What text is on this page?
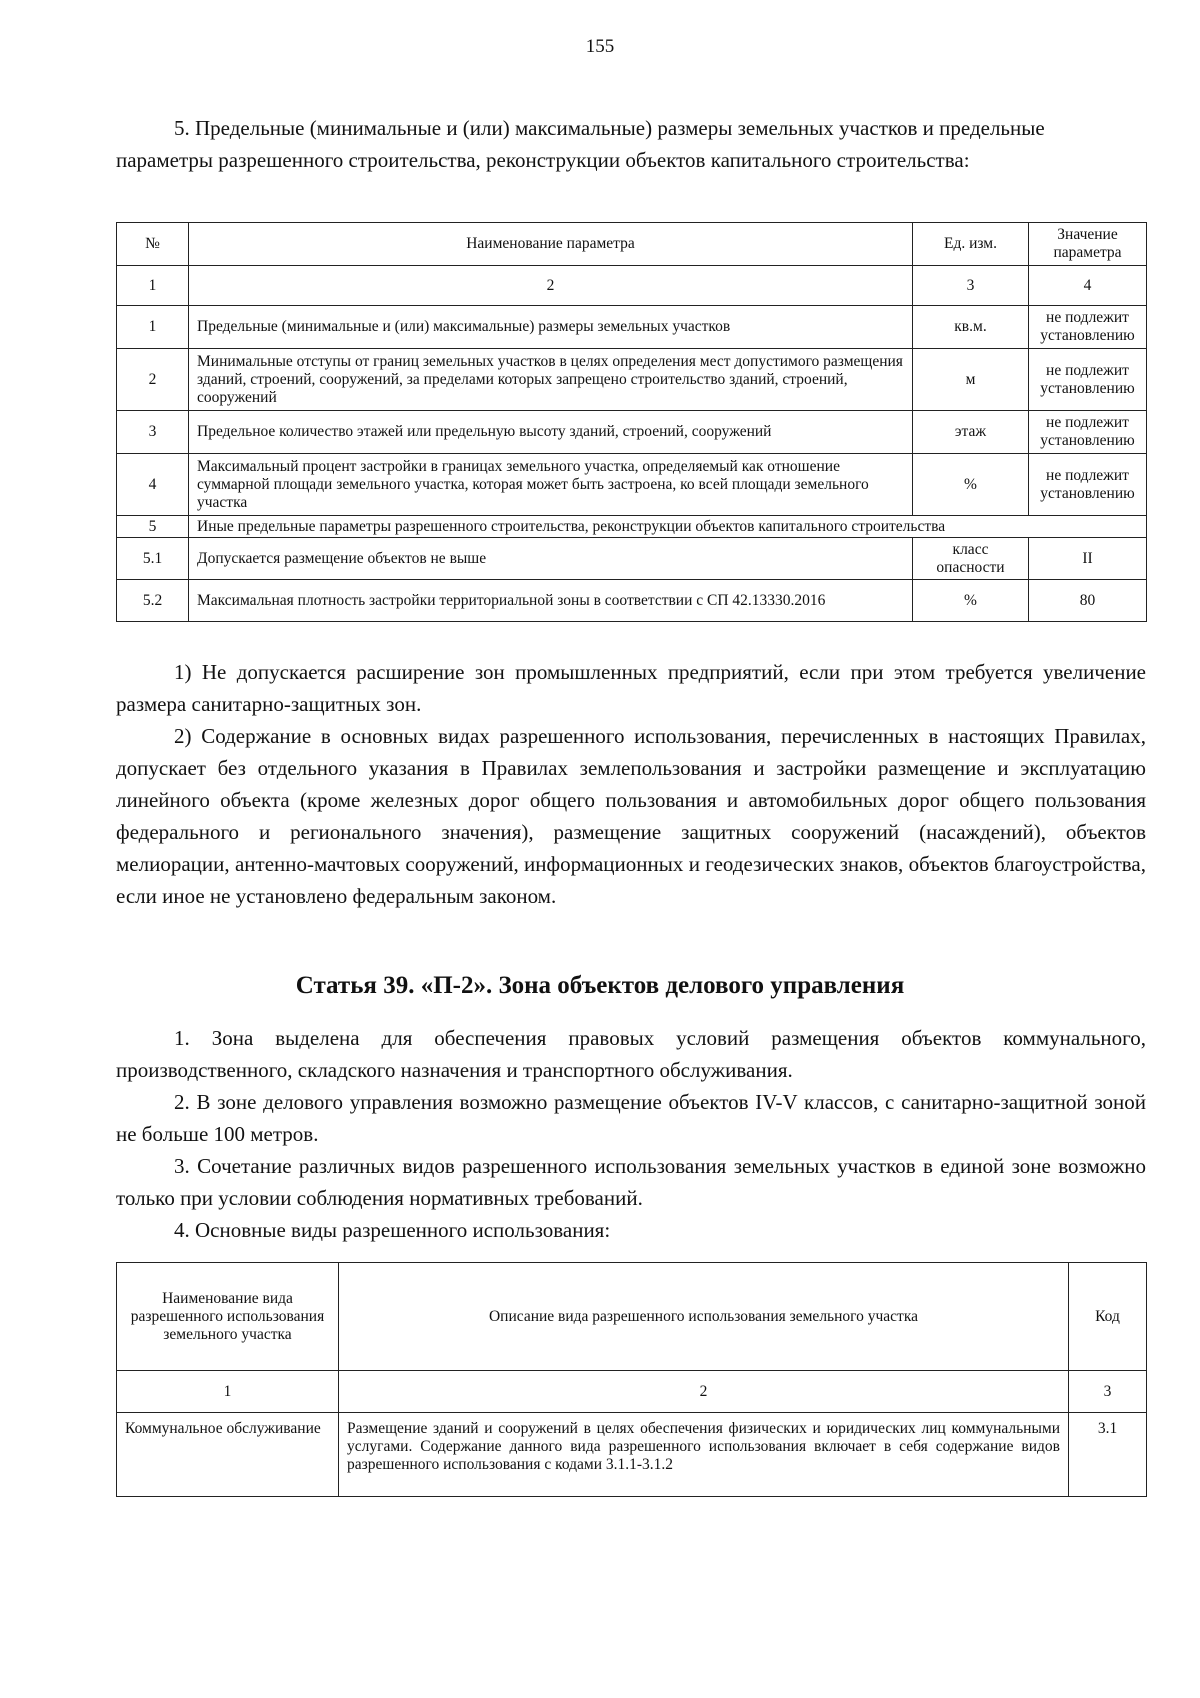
155

5. Предельные (минимальные и (или) максимальные) размеры земельных участков и предельные параметры разрешенного строительства, реконструкции объектов капитального строительства:

№	Наименование параметра	Ед. изм.	Значение параметра
1	2	3	4
1	Предельные (минимальные и (или) максимальные) размеры земельных участков	кв.м.	не подлежит установлению
2	Минимальные отступы от границ земельных участков в целях определения мест допустимого размещения зданий, строений, сооружений, за пределами которых запрещено строительство зданий, строений, сооружений	м	не подлежит установлению
3	Предельное количество этажей или предельную высоту зданий, строений, сооружений	этаж	не подлежит установлению
4	Максимальный процент застройки в границах земельного участка, определяемый как отношение суммарной площади земельного участка, которая может быть застроена, ко всей площади земельного участка	%	не подлежит установлению
5	Иные предельные параметры разрешенного строительства, реконструкции объектов капитального строительства		
5.1	Допускается размещение объектов не выше	класс опасности	II
5.2	Максимальная плотность застройки территориальной зоны в соответствии с СП 42.13330.2016	%	80

1) Не допускается расширение зон промышленных предприятий, если при этом требуется увеличение размера санитарно-защитных зон.

2) Содержание в основных видах разрешенного использования, перечисленных в настоящих Правилах, допускает без отдельного указания в Правилах землепользования и застройки размещение и эксплуатацию линейного объекта (кроме железных дорог общего пользования и автомобильных дорог общего пользования федерального и регионального значения), размещение защитных сооружений (насаждений), объектов мелиорации, антенно-мачтовых сооружений, информационных и геодезических знаков, объектов благоустройства, если иное не установлено федеральным законом.

Статья 39. «П-2». Зона объектов делового управления

1. Зона выделена для обеспечения правовых условий размещения объектов коммунального, производственного, складского назначения и транспортного обслуживания.

2. В зоне делового управления возможно размещение объектов IV-V классов, с санитарно-защитной зоной не больше 100 метров.

3. Сочетание различных видов разрешенного использования земельных участков в единой зоне возможно только при условии соблюдения нормативных требований.

4. Основные виды разрешенного использования:

Наименование вида разрешенного использования земельного участка	Описание вида разрешенного использования земельного участка	Код
1	2	3
Коммунальное обслуживание	Размещение зданий и сооружений в целях обеспечения физических и юридических лиц коммунальными услугами. Содержание данного вида разрешенного использования включает в себя содержание видов разрешенного использования с кодами 3.1.1-3.1.2	3.1
